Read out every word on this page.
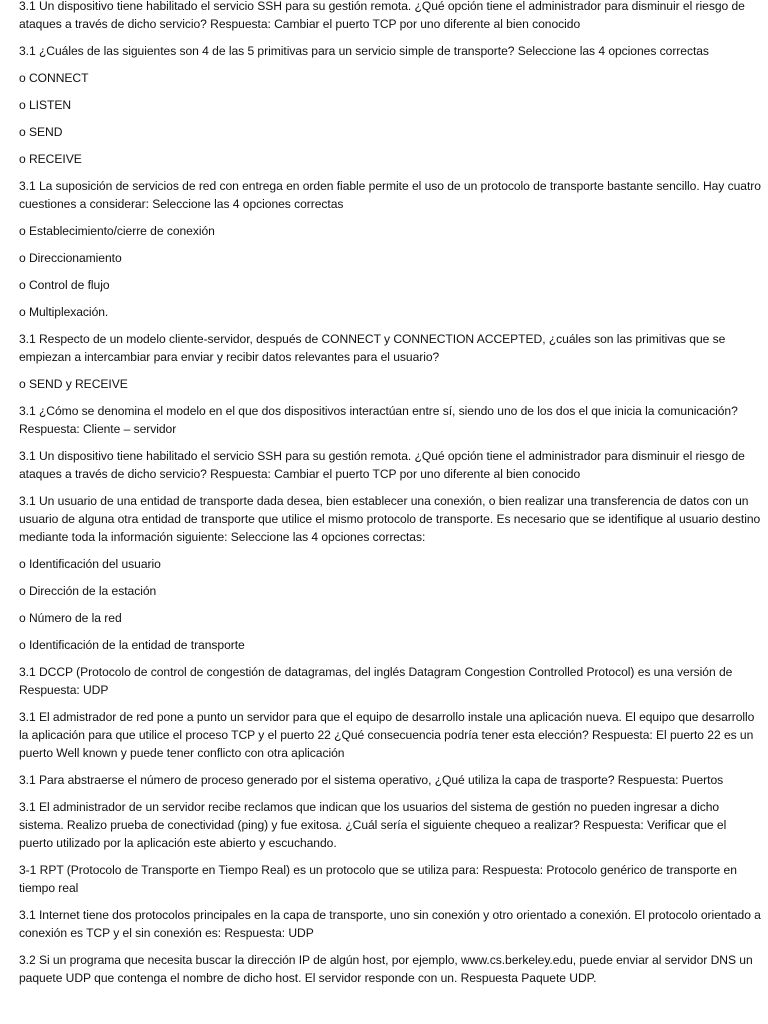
3.1 Un dispositivo tiene habilitado el servicio SSH para su gestión remota. ¿Qué opción tiene el administrador para disminuir el riesgo de ataques a través de dicho servicio? Respuesta: Cambiar el puerto TCP por uno diferente al bien conocido

3.1 ¿Cuáles de las siguientes son 4 de las 5 primitivas para un servicio simple de transporte? Seleccione las 4 opciones correctas

o CONNECT

o LISTEN

o SEND

o RECEIVE

3.1 La suposición de servicios de red con entrega en orden fiable permite el uso de un protocolo de transporte bastante sencillo. Hay cuatro cuestiones a considerar: Seleccione las 4 opciones correctas

o Establecimiento/cierre de conexión

o Direccionamiento

o Control de flujo

o Multiplexación.

3.1 Respecto de un modelo cliente-servidor, después de CONNECT y CONNECTION ACCEPTED, ¿cuáles son las primitivas que se empiezan a intercambiar para enviar y recibir datos relevantes para el usuario?

o SEND y RECEIVE

3.1 ¿Cómo se denomina el modelo en el que dos dispositivos interactúan entre sí, siendo uno de los dos el que inicia la comunicación? Respuesta: Cliente – servidor

3.1 Un dispositivo tiene habilitado el servicio SSH para su gestión remota. ¿Qué opción tiene el administrador para disminuir el riesgo de ataques a través de dicho servicio? Respuesta: Cambiar el puerto TCP por uno diferente al bien conocido

3.1 Un usuario de una entidad de transporte dada desea, bien establecer una conexión, o bien realizar una transferencia de datos con un usuario de alguna otra entidad de transporte que utilice el mismo protocolo de transporte. Es necesario que se identifique al usuario destino mediante toda la información siguiente: Seleccione las 4 opciones correctas:

o Identificación del usuario

o Dirección de la estación

o Número de la red

o Identificación de la entidad de transporte

3.1 DCCP (Protocolo de control de congestión de datagramas, del inglés Datagram Congestion Controlled Protocol) es una versión de Respuesta: UDP

3.1 El admistrador de red pone a punto un servidor para que el equipo de desarrollo instale una aplicación nueva. El equipo que desarrollo la aplicación para que utilice el proceso TCP y el puerto 22 ¿Qué consecuencia podría tener esta elección? Respuesta: El puerto 22 es un puerto Well known y puede tener conflicto con otra aplicación

3.1 Para abstraerse el número de proceso generado por el sistema operativo, ¿Qué utiliza la capa de trasporte? Respuesta: Puertos

3.1 El administrador de un servidor recibe reclamos que indican que los usuarios del sistema de gestión no pueden ingresar a dicho sistema. Realizo prueba de conectividad (ping) y fue exitosa. ¿Cuál sería el siguiente chequeo a realizar? Respuesta: Verificar que el puerto utilizado por la aplicación este abierto y escuchando.

3-1 RPT (Protocolo de Transporte en Tiempo Real) es un protocolo que se utiliza para: Respuesta: Protocolo genérico de transporte en tiempo real

3.1 Internet tiene dos protocolos principales en la capa de transporte, uno sin conexión y otro orientado a conexión. El protocolo orientado a conexión es TCP y el sin conexión es: Respuesta: UDP

3.2 Si un programa que necesita buscar la dirección IP de algún host, por ejemplo, www.cs.berkeley.edu, puede enviar al servidor DNS un paquete UDP que contenga el nombre de dicho host. El servidor responde con un. Respuesta Paquete UDP.
